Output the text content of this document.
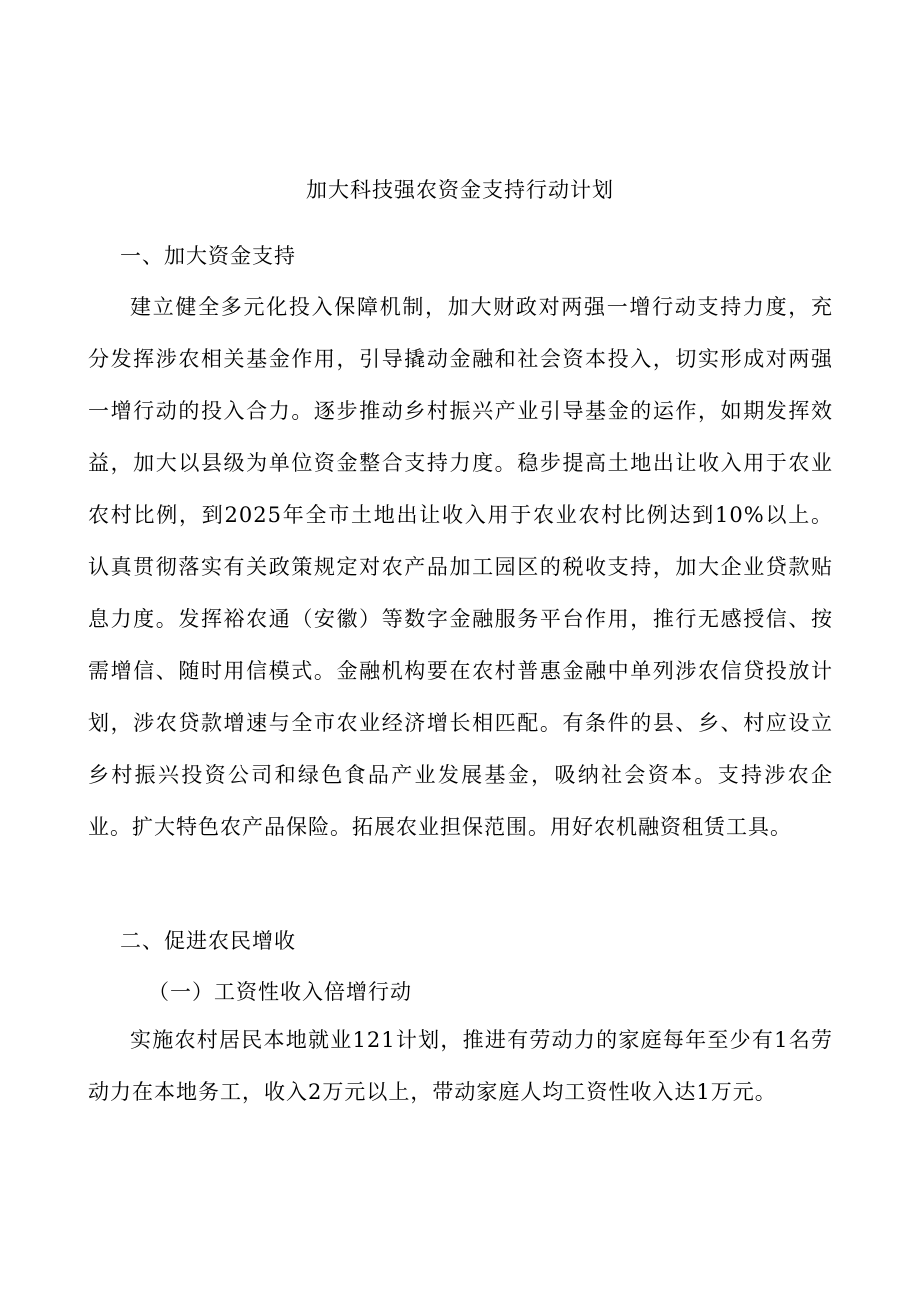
加大科技强农资金支持行动计划
一、加大资金支持

建立健全多元化投入保障机制，加大财政对两强一增行动支持力度，充分发挥涉农相关基金作用，引导撬动金融和社会资本投入，切实形成对两强一增行动的投入合力。逐步推动乡村振兴产业引导基金的运作，如期发挥效益，加大以县级为单位资金整合支持力度。稳步提高土地出让收入用于农业农村比例，到2025年全市土地出让收入用于农业农村比例达到10%以上。认真贯彻落实有关政策规定对农产品加工园区的税收支持，加大企业贷款贴息力度。发挥裕农通（安徽）等数字金融服务平台作用，推行无感授信、按需增信、随时用信模式。金融机构要在农村普惠金融中单列涉农信贷投放计划，涉农贷款增速与全市农业经济增长相匹配。有条件的县、乡、村应设立乡村振兴投资公司和绿色食品产业发展基金，吸纳社会资本。支持涉农企业。扩大特色农产品保险。拓展农业担保范围。用好农机融资租赁工具。

二、促进农民增收
（一）工资性收入倍增行动

实施农村居民本地就业121计划，推进有劳动力的家庭每年至少有1名劳动力在本地务工，收入2万元以上，带动家庭人均工资性收入达1万元。
